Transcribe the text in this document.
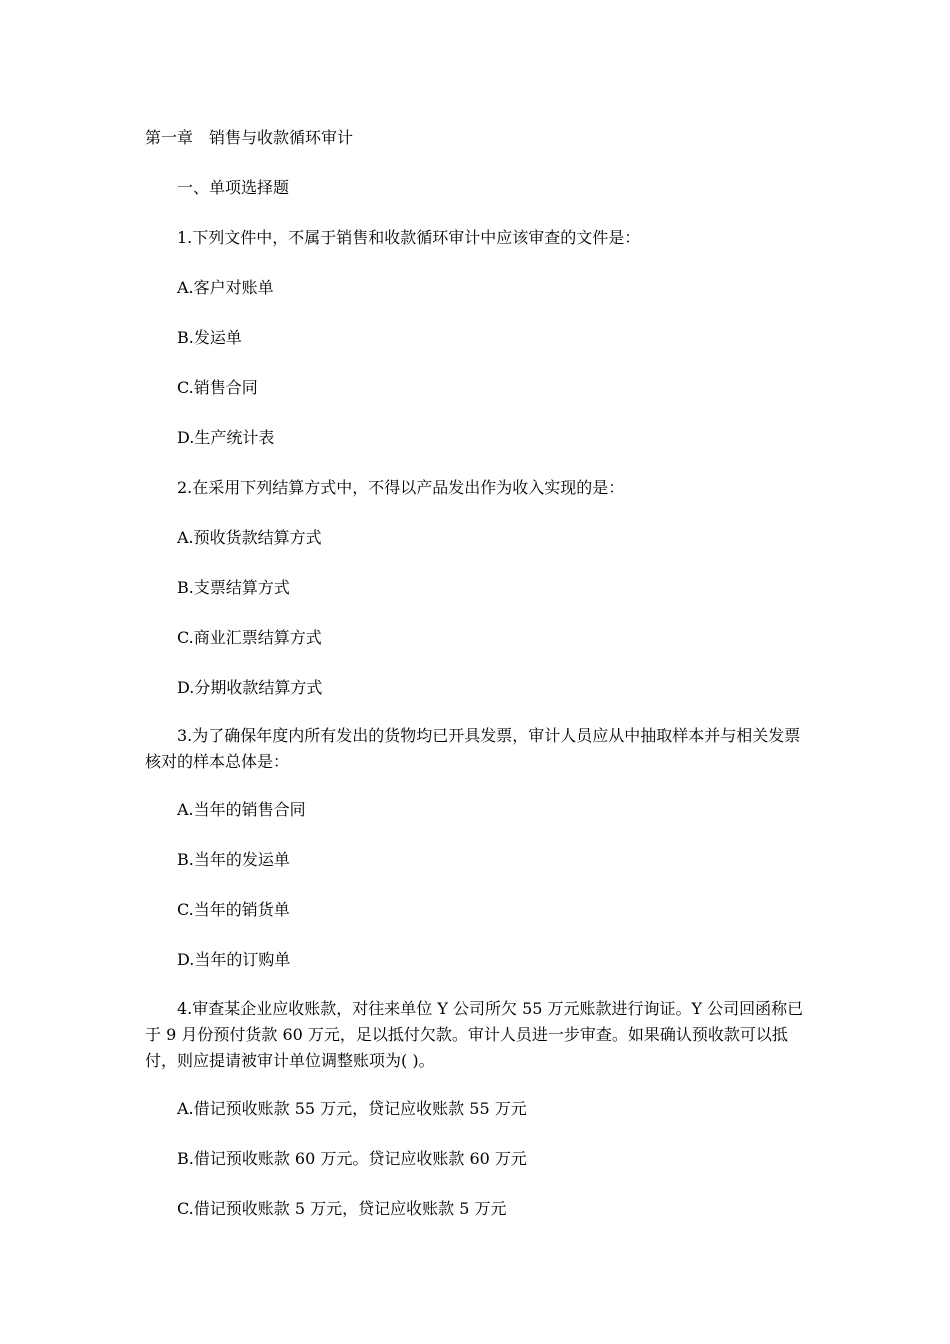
第一章　销售与收款循环审计
一、单项选择题
1.下列文件中，不属于销售和收款循环审计中应该审查的文件是：
A.客户对账单
B.发运单
C.销售合同
D.生产统计表
2.在采用下列结算方式中，不得以产品发出作为收入实现的是：
A.预收货款结算方式
B.支票结算方式
C.商业汇票结算方式
D.分期收款结算方式
3.为了确保年度内所有发出的货物均已开具发票，审计人员应从中抽取样本并与相关发票核对的样本总体是：
A.当年的销售合同
B.当年的发运单
C.当年的销货单
D.当年的订购单
4.审查某企业应收账款，对往来单位 Y 公司所欠 55 万元账款进行询证。Y 公司回函称已于 9 月份预付货款 60 万元，足以抵付欠款。审计人员进一步审查。如果确认预收款可以抵付，则应提请被审计单位调整账项为( )。
A.借记预收账款 55 万元，贷记应收账款 55 万元
B.借记预收账款 60 万元。贷记应收账款 60 万元
C.借记预收账款 5 万元，贷记应收账款 5 万元
